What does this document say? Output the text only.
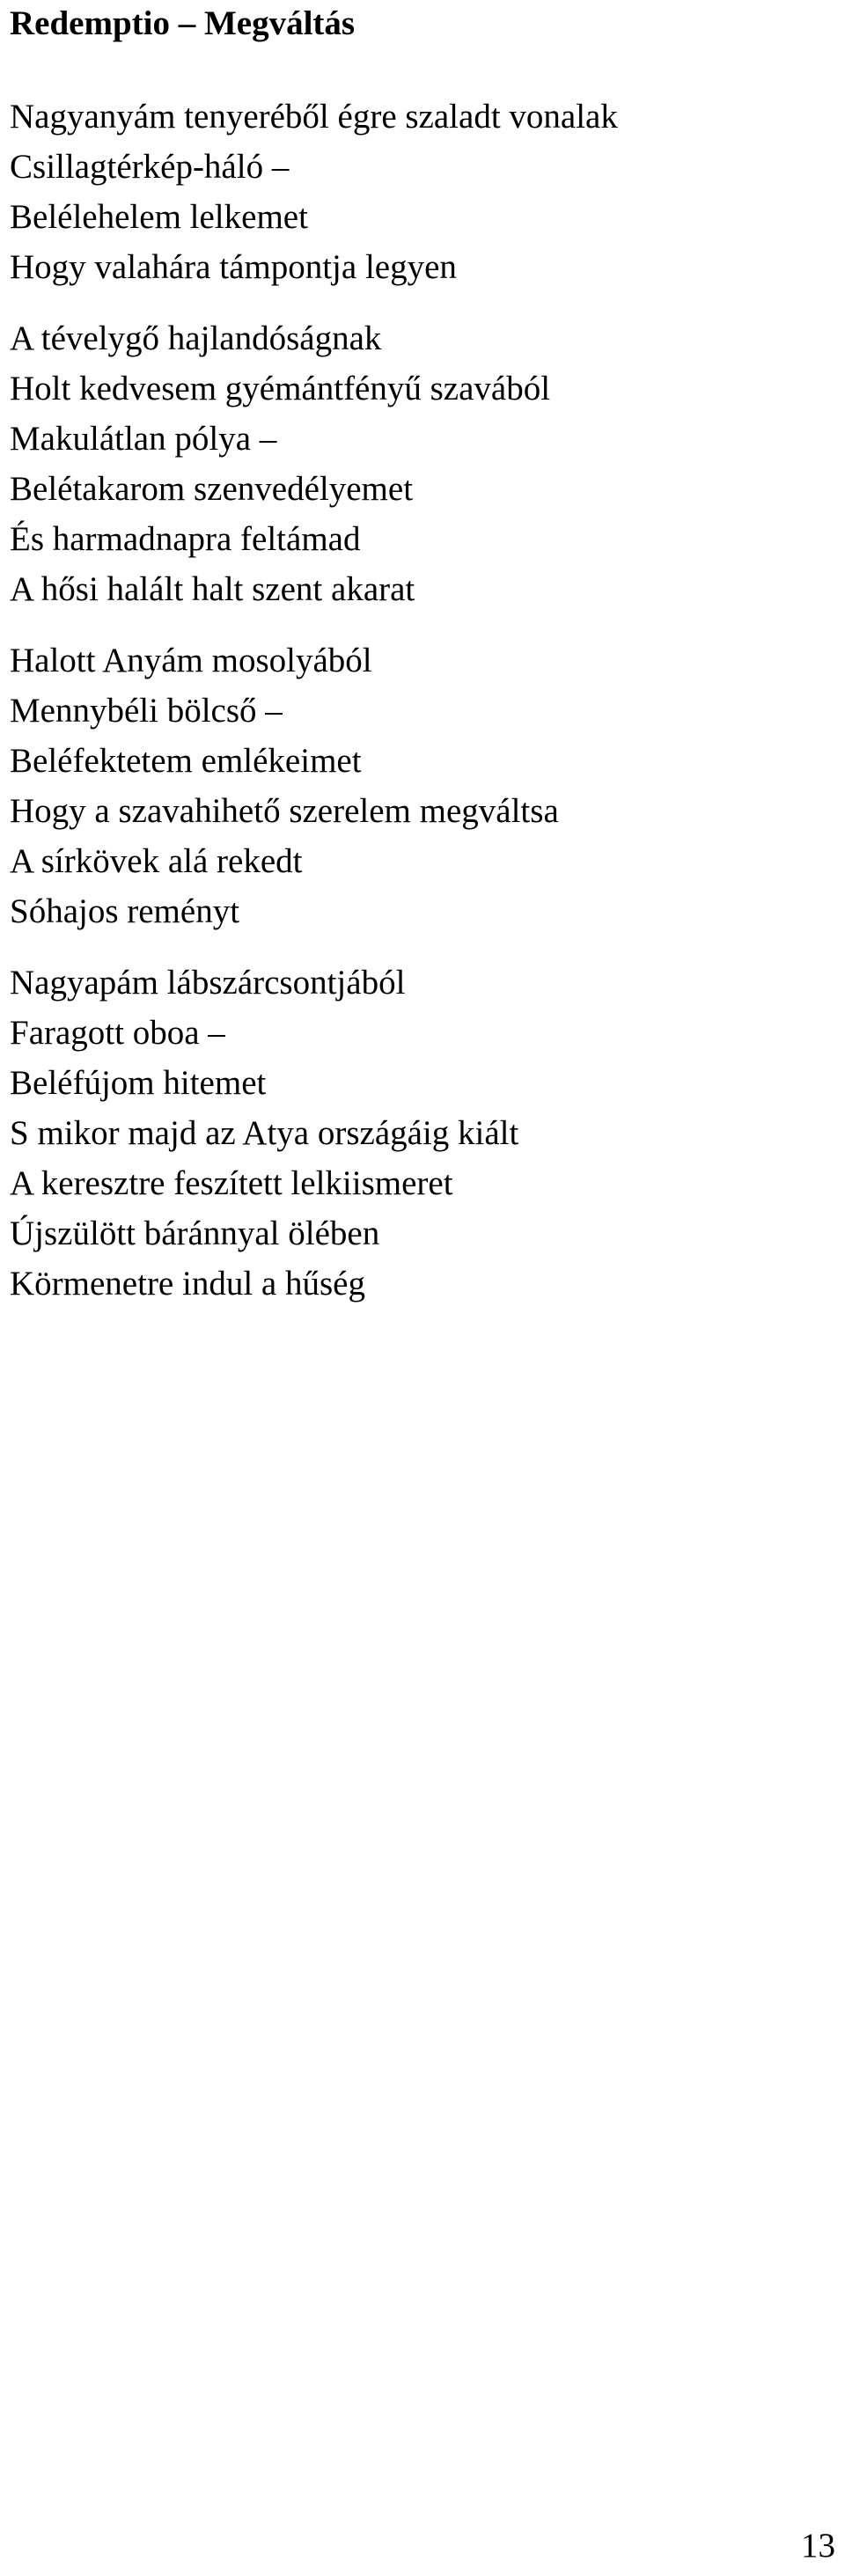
Redemptio – Megváltás
Nagyanyám tenyeréből égre szaladt vonalak
Csillagtérkép-háló –
Belélehelem lelkemet
Hogy valahára támpontja legyen
A tévelygő hajlandóságnak
Holt kedvesem gyémántfényű szavából
Makulátlan pólya –
Belétakarom szenvedélyemet
És harmadnapra feltámad
A hősi halált halt szent akarat
Halott Anyám mosolyából
Mennybéli bölcső –
Beléfektetem emlékeimet
Hogy a szavahihető szerelem megváltsa
A sírkövek alá rekedt
Sóhajos reményt
Nagyapám lábszárcsontjából
Faragott oboa –
Beléfújom hitemet
S mikor majd az Atya országáig kiált
A keresztre feszített lelkiismeret
Újszülött báránnyal ölében
Körmenetre indul a hűség
13
